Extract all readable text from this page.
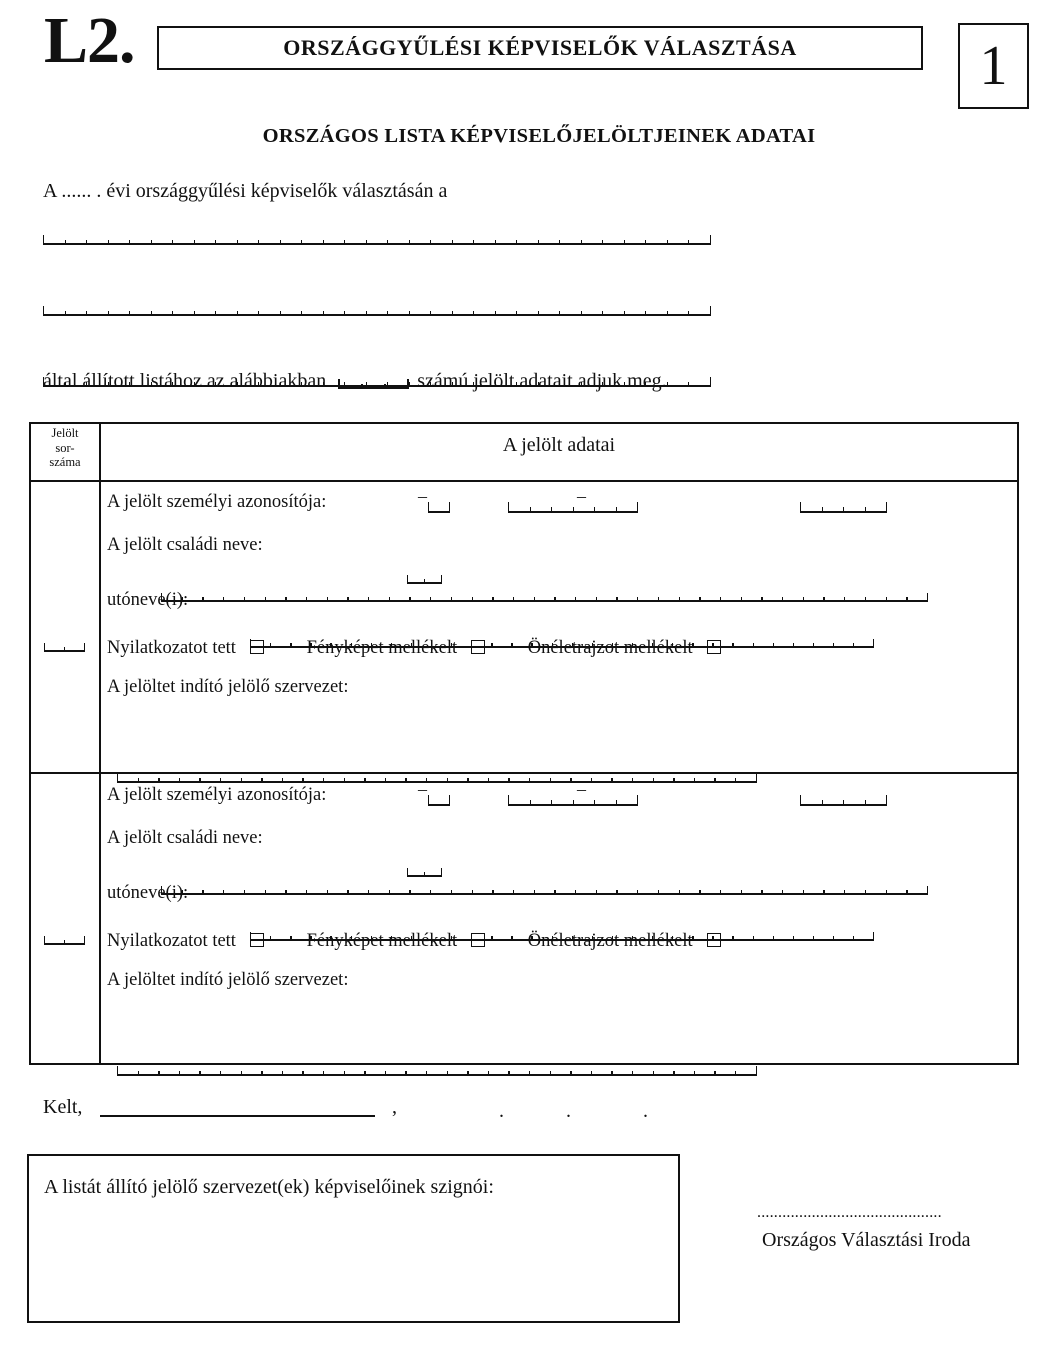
L2.	ORSZÁGGYŰLÉSI KÉPVISELŐK VÁLASZTÁSA	1
ORSZÁGOS LISTA KÉPVISELŐJELÖLTJEINEK ADATAI
A ...... . évi országgyűlési képviselők választásán a

által állított listához az alábbiakban	számú jelölt adatait adjuk meg.
Jelölt
sor-
száma
A jelölt adatai

A jelölt személyi azonosítója:
	–
	–

A jelölt családi neve:

utóneve(i):

Nyilatkozatot tett	Fényképet mellékelt	Önéletrajzot mellékelt
A jelöltet indító jelölő szervezet:

A jelölt személyi azonosítója:
	–
	–

A jelölt családi neve:

utóneve(i):

Nyilatkozatot tett	Fényképet mellékelt	Önéletrajzot mellékelt
A jelöltet indító jelölő szervezet:
Kelt,	,
	.
	.	.
A listát állító jelölő szervezet(ek) képviselőinek szignói:
............................................
Országos Választási Iroda
